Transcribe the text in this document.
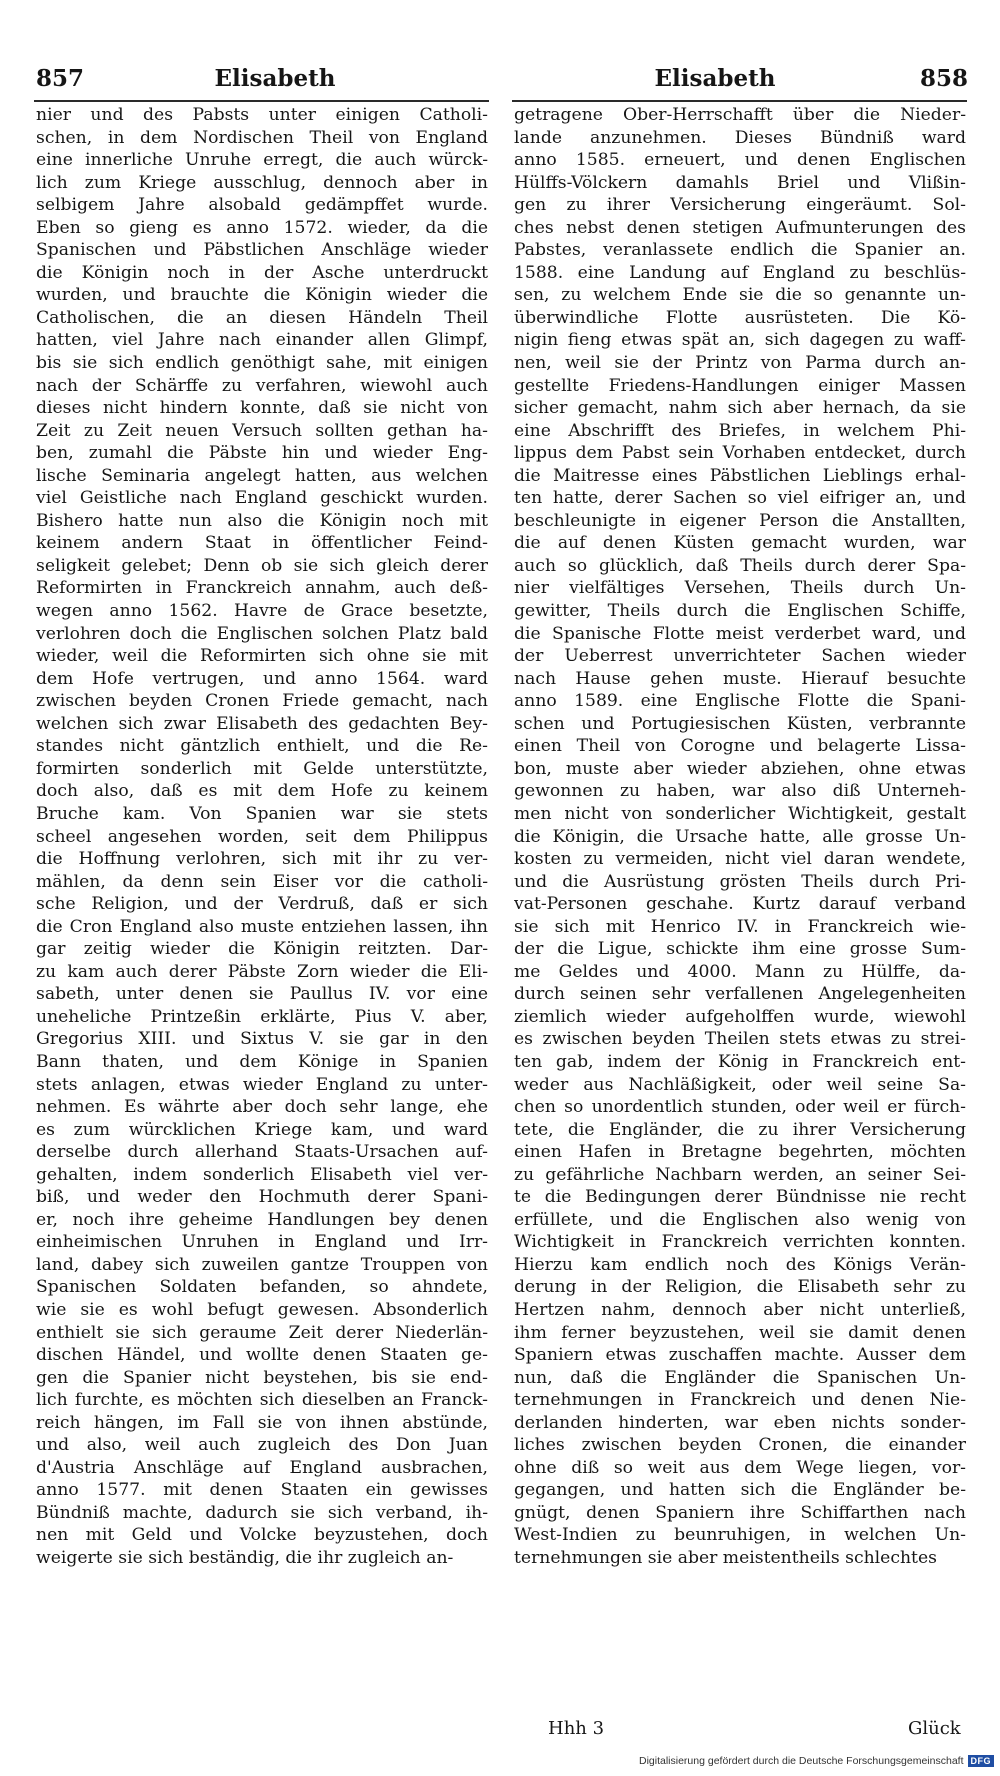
857	Elisabeth	Elisabeth	858
nier und des Pabsts unter einigen Catholi-
schen, in dem Nordischen Theil von England
eine innerliche Unruhe erregt, die auch würck-
lich zum Kriege ausschlug, dennoch aber in
selbigem Jahre alsobald gedämpffet wurde.
Eben so gieng es anno 1572. wieder, da die
Spanischen und Päbstlichen Anschläge wieder
die Königin noch in der Asche unterdruckt
wurden, und brauchte die Königin wieder die
Catholischen, die an diesen Händeln Theil
hatten, viel Jahre nach einander allen Glimpf,
bis sie sich endlich genöthigt sahe, mit einigen
nach der Schärffe zu verfahren, wiewohl auch
dieses nicht hindern konnte, daß sie nicht von
Zeit zu Zeit neuen Versuch sollten gethan ha-
ben, zumahl die Päbste hin und wieder Eng-
lische Seminaria angelegt hatten, aus welchen
viel Geistliche nach England geschickt wurden.
Bishero hatte nun also die Königin noch mit
keinem andern Staat in öffentlicher Feind-
seligkeit gelebet; Denn ob sie sich gleich derer
Reformirten in Franckreich annahm, auch deß-
wegen anno 1562. Havre de Grace besetzte,
verlohren doch die Englischen solchen Platz bald
wieder, weil die Reformirten sich ohne sie mit
dem Hofe vertrugen, und anno 1564. ward
zwischen beyden Cronen Friede gemacht, nach
welchen sich zwar Elisabeth des gedachten Bey-
standes nicht gäntzlich enthielt, und die Re-
formirten sonderlich mit Gelde unterstützte,
doch also, daß es mit dem Hofe zu keinem
Bruche kam. Von Spanien war sie stets
scheel angesehen worden, seit dem Philippus
die Hoffnung verlohren, sich mit ihr zu ver-
mählen, da denn sein Eiser vor die catholi-
sche Religion, und der Verdruß, daß er sich
die Cron England also muste entziehen lassen, ihn
gar zeitig wieder die Königin reitzten. Dar-
zu kam auch derer Päbste Zorn wieder die Eli-
sabeth, unter denen sie Paullus IV. vor eine
uneheliche Printzeßin erklärte, Pius V. aber,
Gregorius XIII. und Sixtus V. sie gar in den
Bann thaten, und dem Könige in Spanien
stets anlagen, etwas wieder England zu unter-
nehmen. Es währte aber doch sehr lange, ehe
es zum würcklichen Kriege kam, und ward
derselbe durch allerhand Staats-Ursachen auf-
gehalten, indem sonderlich Elisabeth viel ver-
biß, und weder den Hochmuth derer Spani-
er, noch ihre geheime Handlungen bey denen
einheimischen Unruhen in England und Irr-
land, dabey sich zuweilen gantze Trouppen von
Spanischen Soldaten befanden, so ahndete,
wie sie es wohl befugt gewesen. Absonderlich
enthielt sie sich geraume Zeit derer Niederlän-
dischen Händel, und wollte denen Staaten ge-
gen die Spanier nicht beystehen, bis sie end-
lich furchte, es möchten sich dieselben an Franck-
reich hängen, im Fall sie von ihnen abstünde,
und also, weil auch zugleich des Don Juan
d'Austria Anschläge auf England ausbrachen,
anno 1577. mit denen Staaten ein gewisses
Bündniß machte, dadurch sie sich verband, ih-
nen mit Geld und Volcke beyzustehen, doch
weigerte sie sich beständig, die ihr zugleich an-
getragene Ober-Herrschafft über die Nieder-
lande anzunehmen. Dieses Bündniß ward
anno 1585. erneuert, und denen Englischen
Hülffs-Völckern damahls Briel und Vlißin-
gen zu ihrer Versicherung eingeräumt. Sol-
ches nebst denen stetigen Aufmunterungen des
Pabstes, veranlassete endlich die Spanier an.
1588. eine Landung auf England zu beschlüs-
sen, zu welchem Ende sie die so genannte un-
überwindliche Flotte ausrüsteten. Die Kö-
nigin fieng etwas spät an, sich dagegen zu waff-
nen, weil sie der Printz von Parma durch an-
gestellte Friedens-Handlungen einiger Massen
sicher gemacht, nahm sich aber hernach, da sie
eine Abschrifft des Briefes, in welchem Phi-
lippus dem Pabst sein Vorhaben entdecket, durch
die Maitresse eines Päbstlichen Lieblings erhal-
ten hatte, derer Sachen so viel eifriger an, und
beschleunigte in eigener Person die Anstallten,
die auf denen Küsten gemacht wurden, war
auch so glücklich, daß Theils durch derer Spa-
nier vielfältiges Versehen, Theils durch Un-
gewitter, Theils durch die Englischen Schiffe,
die Spanische Flotte meist verderbet ward, und
der Ueberrest unverrichteter Sachen wieder
nach Hause gehen muste. Hierauf besuchte
anno 1589. eine Englische Flotte die Spani-
schen und Portugiesischen Küsten, verbrannte
einen Theil von Corogne und belagerte Lissa-
bon, muste aber wieder abziehen, ohne etwas
gewonnen zu haben, war also diß Unterneh-
men nicht von sonderlicher Wichtigkeit, gestalt
die Königin, die Ursache hatte, alle grosse Un-
kosten zu vermeiden, nicht viel daran wendete,
und die Ausrüstung grösten Theils durch Pri-
vat-Personen geschahe. Kurtz darauf verband
sie sich mit Henrico IV. in Franckreich wie-
der die Ligue, schickte ihm eine grosse Sum-
me Geldes und 4000. Mann zu Hülffe, da-
durch seinen sehr verfallenen Angelegenheiten
ziemlich wieder aufgeholffen wurde, wiewohl
es zwischen beyden Theilen stets etwas zu strei-
ten gab, indem der König in Franckreich ent-
weder aus Nachläßigkeit, oder weil seine Sa-
chen so unordentlich stunden, oder weil er fürch-
tete, die Engländer, die zu ihrer Versicherung
einen Hafen in Bretagne begehrten, möchten
zu gefährliche Nachbarn werden, an seiner Sei-
te die Bedingungen derer Bündnisse nie recht
erfüllete, und die Englischen also wenig von
Wichtigkeit in Franckreich verrichten konnten.
Hierzu kam endlich noch des Königs Verän-
derung in der Religion, die Elisabeth sehr zu
Hertzen nahm, dennoch aber nicht unterließ,
ihm ferner beyzustehen, weil sie damit denen
Spaniern etwas zuschaffen machte. Ausser dem
nun, daß die Engländer die Spanischen Un-
ternehmungen in Franckreich und denen Nie-
derlanden hinderten, war eben nichts sonder-
liches zwischen beyden Cronen, die einander
ohne diß so weit aus dem Wege liegen, vor-
gegangen, und hatten sich die Engländer be-
gnügt, denen Spaniern ihre Schiffarthen nach
West-Indien zu beunruhigen, in welchen Un-
ternehmungen sie aber meistentheils schlechtes
Hhh 3	Glück
Digitalisierung gefördert durch die Deutsche Forschungsgemeinschaft DFG
